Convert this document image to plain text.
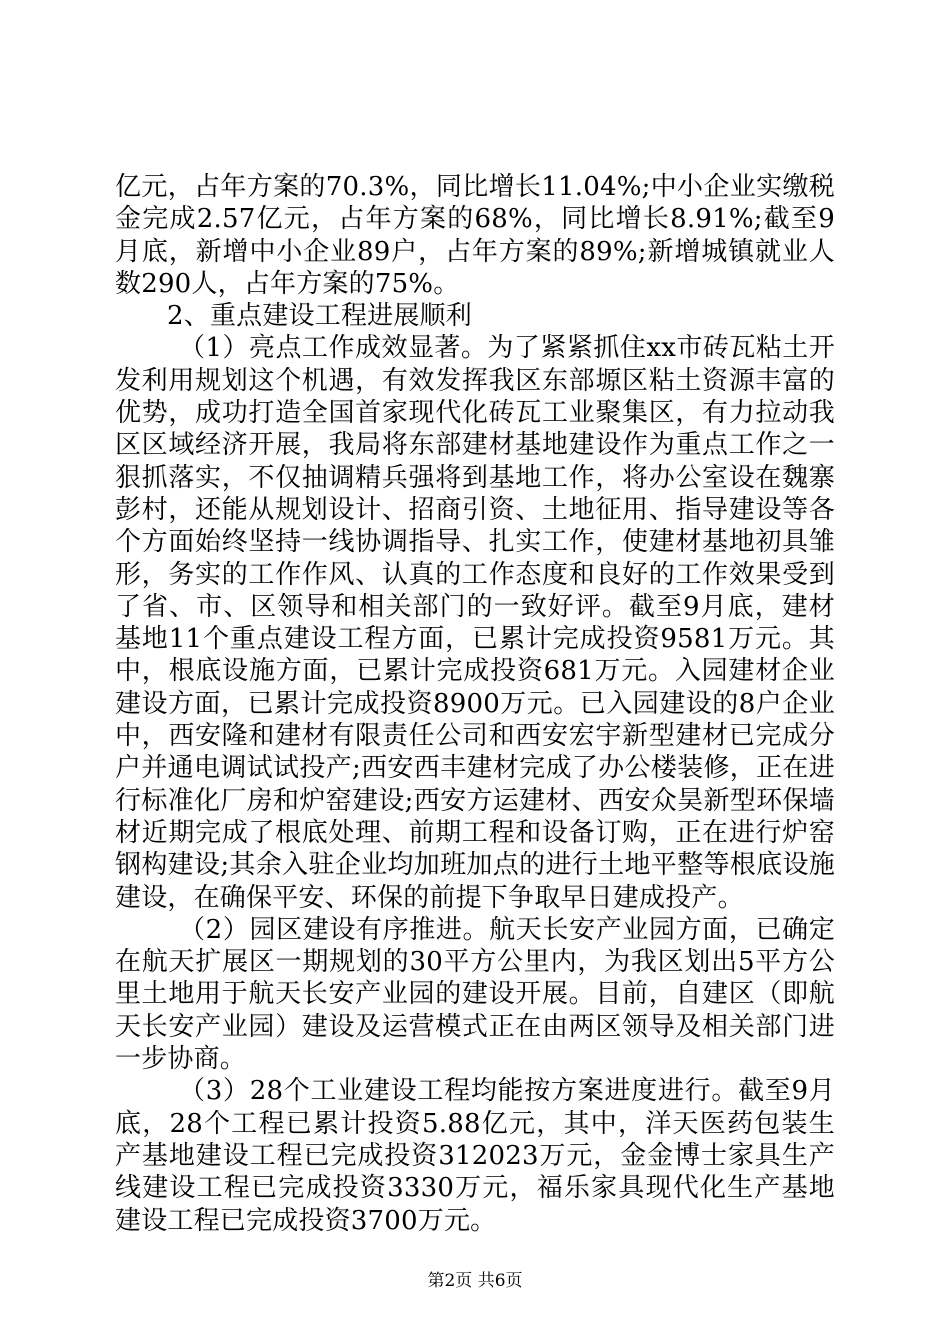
亿元，占年方案的70.3%，同比增长11.04%;中小企业实缴税金完成2.57亿元，占年方案的68%，同比增长8.91%;截至9月底，新增中小企业89户，占年方案的89%;新增城镇就业人数290人，占年方案的75%。

2、重点建设工程进展顺利

（1）亮点工作成效显著。为了紧紧抓住xx市砖瓦粘土开发利用规划这个机遇，有效发挥我区东部塬区粘土资源丰富的优势，成功打造全国首家现代化砖瓦工业聚集区，有力拉动我区区域经济开展，我局将东部建材基地建设作为重点工作之一狠抓落实，不仅抽调精兵强将到基地工作，将办公室设在魏寨彭村，还能从规划设计、招商引资、土地征用、指导建设等各个方面始终坚持一线协调指导、扎实工作，使建材基地初具雏形，务实的工作作风、认真的工作态度和良好的工作效果受到了省、市、区领导和相关部门的一致好评。截至9月底，建材基地11个重点建设工程方面，已累计完成投资9581万元。其中，根底设施方面，已累计完成投资681万元。入园建材企业建设方面，已累计完成投资8900万元。已入园建设的8户企业中，西安隆和建材有限责任公司和西安宏宇新型建材已完成分户并通电调试试投产;西安西丰建材完成了办公楼装修，正在进行标准化厂房和炉窑建设;西安方运建材、西安众昊新型环保墙材近期完成了根底处理、前期工程和设备订购，正在进行炉窑钢构建设;其余入驻企业均加班加点的进行土地平整等根底设施建设，在确保平安、环保的前提下争取早日建成投产。

（2）园区建设有序推进。航天长安产业园方面，已确定在航天扩展区一期规划的30平方公里内，为我区划出5平方公里土地用于航天长安产业园的建设开展。目前，自建区（即航天长安产业园）建设及运营模式正在由两区领导及相关部门进一步协商。

（3）28个工业建设工程均能按方案进度进行。截至9月底，28个工程已累计投资5.88亿元，其中，洋天医药包装生产基地建设工程已完成投资312023万元，金金博士家具生产线建设工程已完成投资3330万元，福乐家具现代化生产基地建设工程已完成投资3700万元。

第2页 共6页
